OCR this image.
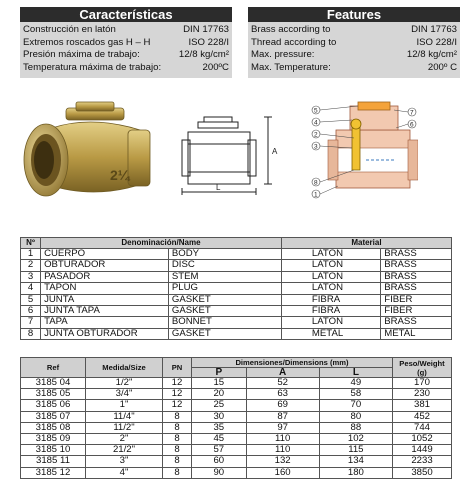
Características
Construcción en latón	DIN 17763
Extremos roscados gas H – H	ISO 228/I
Presión máxima de trabajo:	12/8 kg/cm²
Temperatura máxima de trabajo:	200ºC
Features
Brass according to	DIN 17763
Thread according to	ISO 228/I
Max. pressure:	12/8 kg/cm²
Max. Temperature:	200º C
2¼
A
L
5
4
2
3
1
7
6
8
Nº	Denominación/Name		Material	
1	CUERPO	BODY	LATON	BRASS
2	OBTURADOR	DISC	LATON	BRASS
3	PASADOR	STEM	LATON	BRASS
4	TAPON	PLUG	LATON	BRASS
5	JUNTA	GASKET	FIBRA	FIBER
6	JUNTA TAPA	GASKET	FIBRA	FIBER
7	TAPA	BONNET	LATON	BRASS
8	JUNTA OBTURADOR	GASKET	METAL	METAL
Ref	Medida/Size	PN	Dimensiones/Dimensions (mm)			Peso/Weight (g)
			P	A	L	
3185 04	1/2"	12	15	52	49	170
3185 05	3/4"	12	20	63	58	230
3185 06	1"	12	25	69	70	381
3185 07	11/4"	8	30	87	80	452
3185 08	11/2"	8	35	97	88	744
3185 09	2"	8	45	110	102	1052
3185 10	21/2"	8	57	110	115	1449
3185 11	3"	8	60	132	134	2233
3185 12	4"	8	90	160	180	3850
